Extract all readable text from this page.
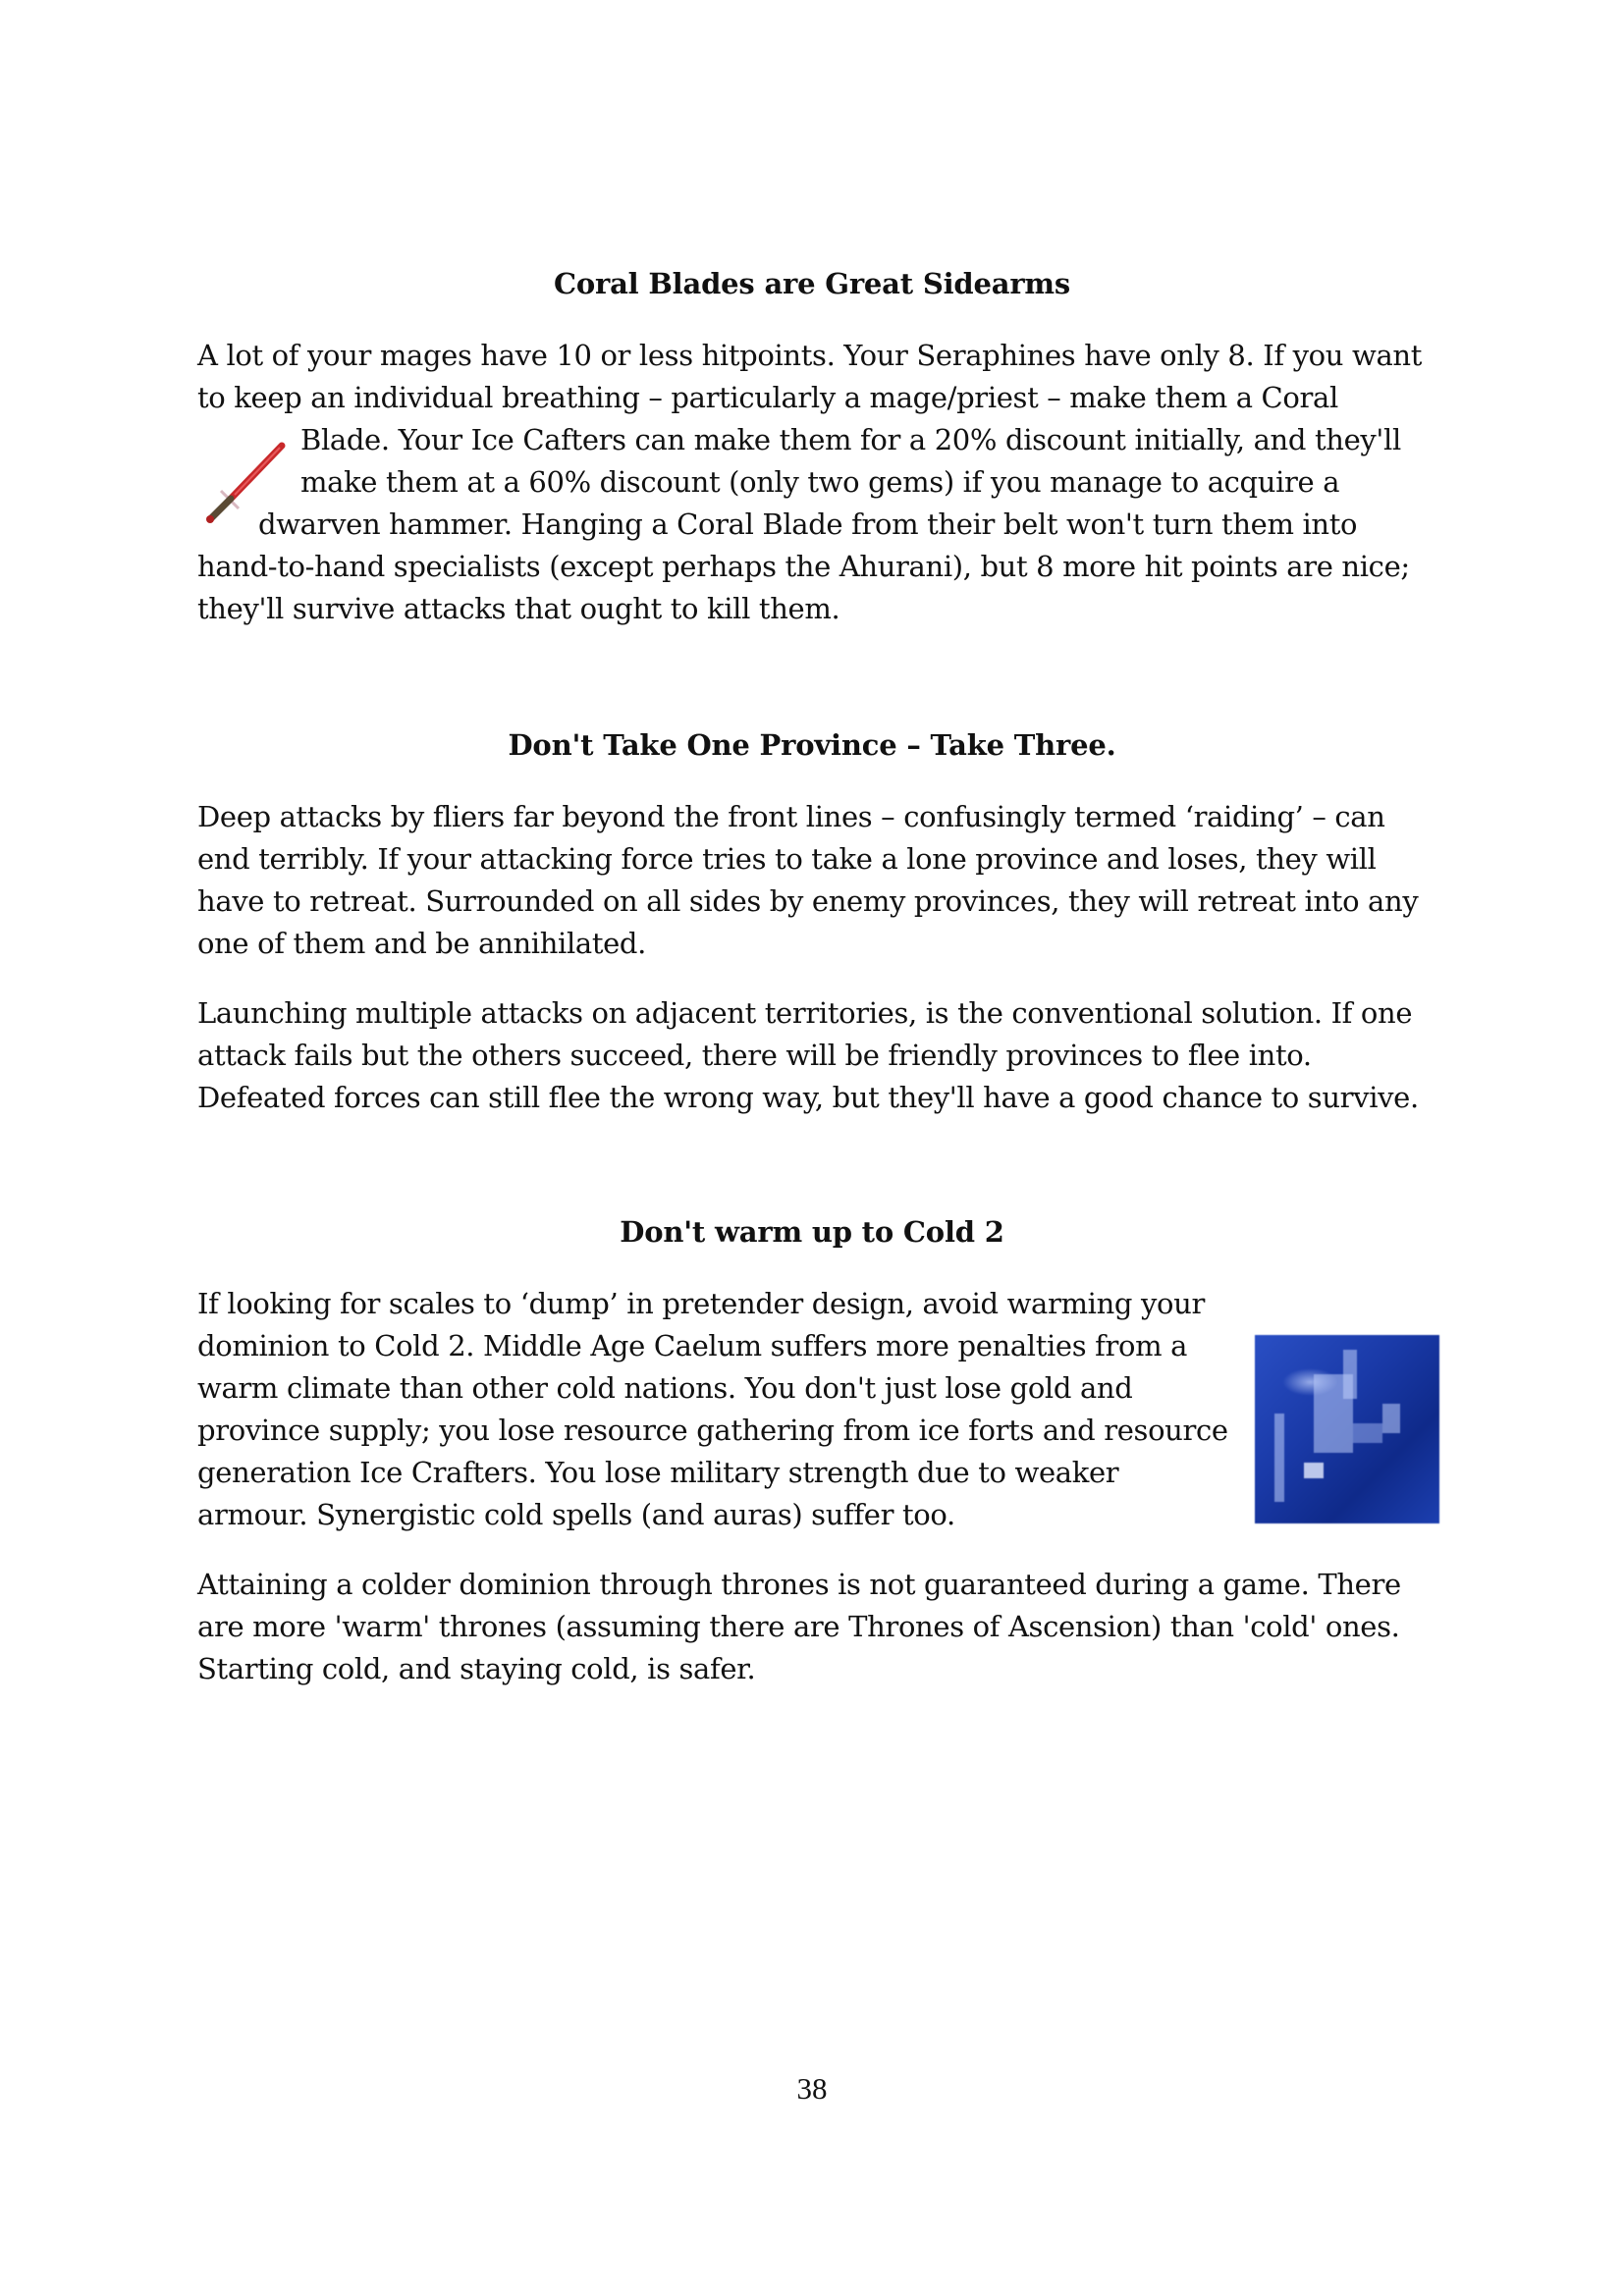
Coral Blades are Great Sidearms
A lot of your mages have 10 or less hitpoints. Your Seraphines have only 8. If you want
to keep an individual breathing – particularly a mage/priest – make them a Coral
Blade. Your Ice Cafters can make them for a 20% discount initially, and they'll
make them at a 60% discount (only two gems) if you manage to acquire a
dwarven hammer. Hanging a Coral Blade from their belt won't turn them into
hand-to-hand specialists (except perhaps the Ahurani), but 8 more hit points are nice;
they'll survive attacks that ought to kill them.
Don't Take One Province – Take Three.
Deep attacks by fliers far beyond the front lines – confusingly termed ‘raiding’ – can
end terribly. If your attacking force tries to take a lone province and loses, they will
have to retreat. Surrounded on all sides by enemy provinces, they will retreat into any
one of them and be annihilated.
Launching multiple attacks on adjacent territories, is the conventional solution. If one
attack fails but the others succeed, there will be friendly provinces to flee into.
Defeated forces can still flee the wrong way, but they'll have a good chance to survive.
Don't warm up to Cold 2
If looking for scales to ‘dump’ in pretender design, avoid warming your
dominion to Cold 2. Middle Age Caelum suffers more penalties from a
warm climate than other cold nations. You don't just lose gold and
province supply; you lose resource gathering from ice forts and resource
generation Ice Crafters. You lose military strength due to weaker
armour. Synergistic cold spells (and auras) suffer too.
Attaining a colder dominion through thrones is not guaranteed during a game. There
are more 'warm' thrones (assuming there are Thrones of Ascension) than 'cold' ones.
Starting cold, and staying cold, is safer.
38
